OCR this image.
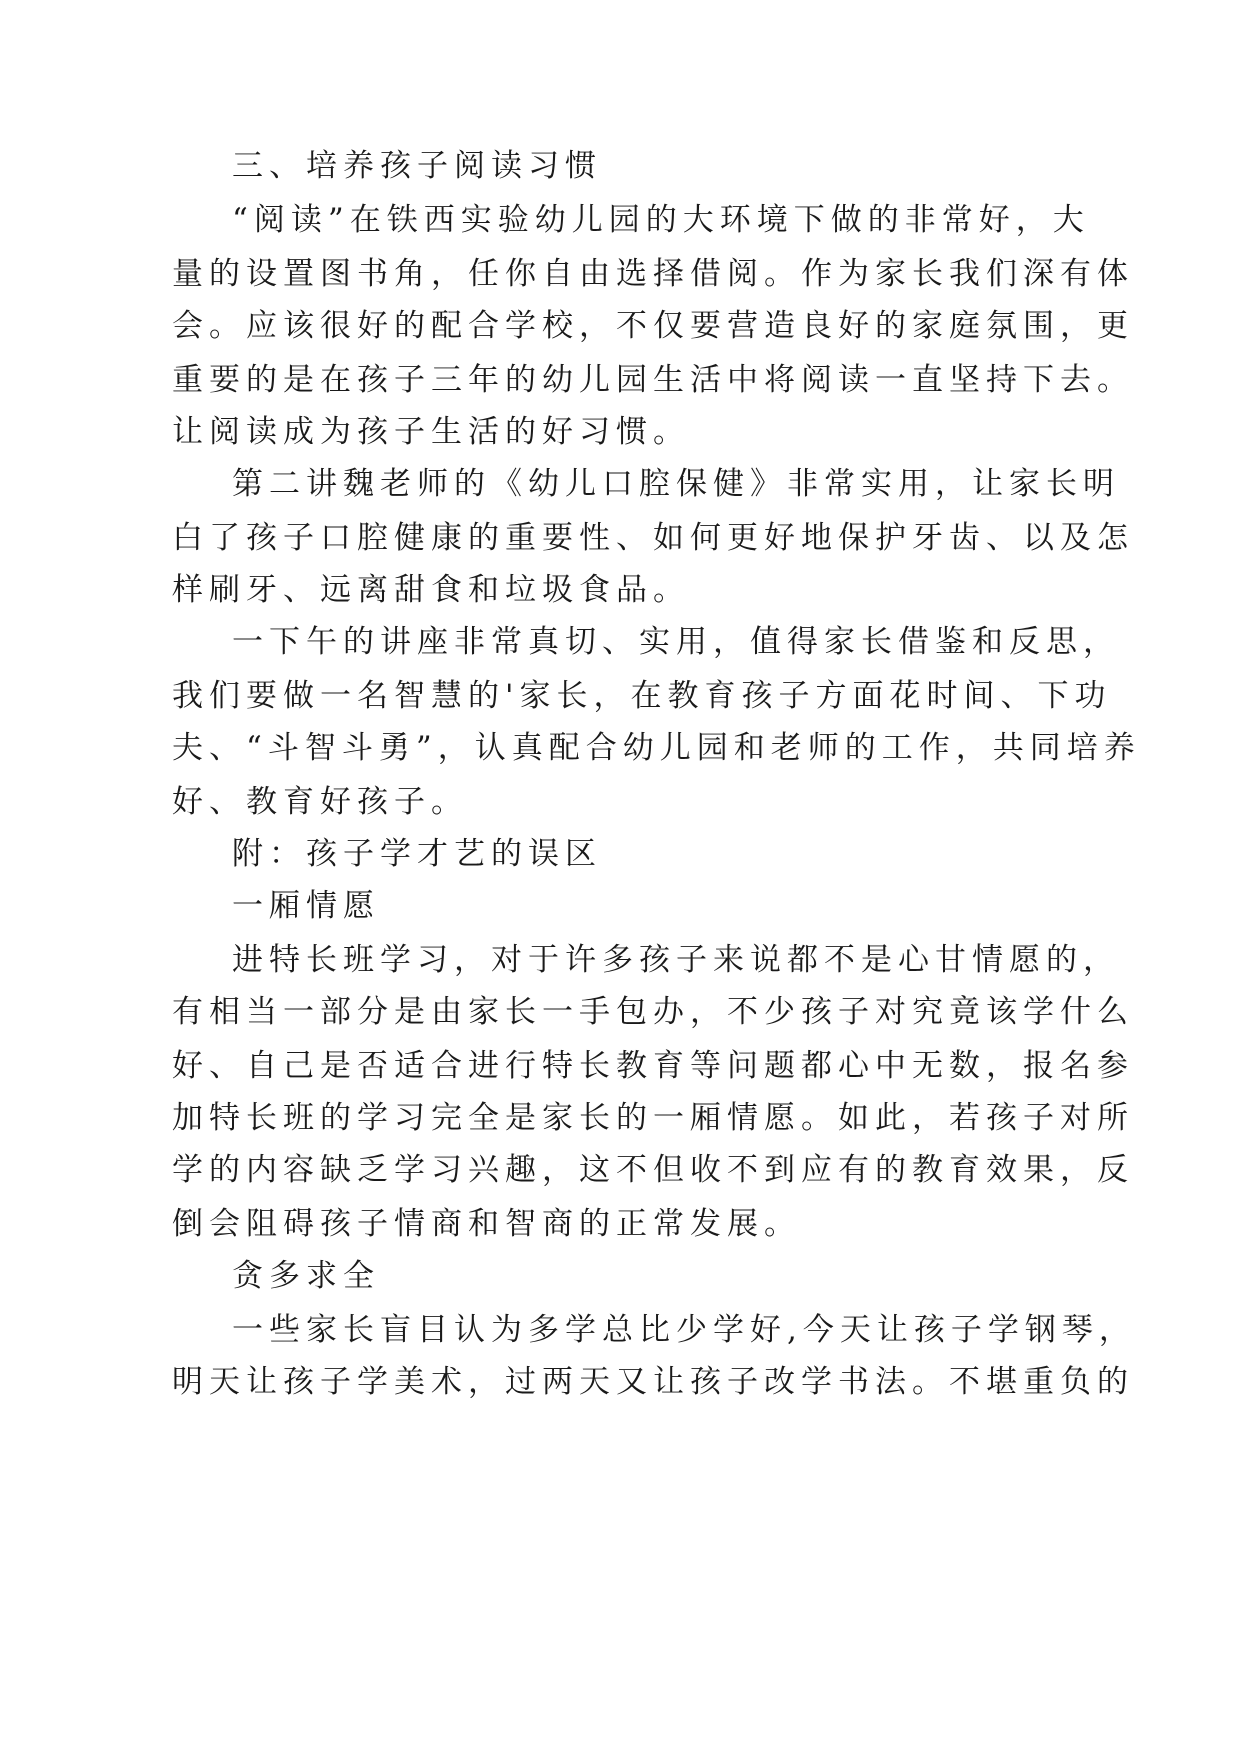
三、培养孩子阅读习惯
“阅读”在铁西实验幼儿园的大环境下做的非常好，大
量的设置图书角，任你自由选择借阅。作为家长我们深有体
会。应该很好的配合学校，不仅要营造良好的家庭氛围，更
重要的是在孩子三年的幼儿园生活中将阅读一直坚持下去。
让阅读成为孩子生活的好习惯。
第二讲魏老师的《幼儿口腔保健》非常实用，让家长明
白了孩子口腔健康的重要性、如何更好地保护牙齿、以及怎
样刷牙、远离甜食和垃圾食品。
一下午的讲座非常真切、实用，值得家长借鉴和反思，
我们要做一名智慧的'家长，在教育孩子方面花时间、下功
夫、“斗智斗勇”，认真配合幼儿园和老师的工作，共同培养
好、教育好孩子。
附：孩子学才艺的误区
一厢情愿
进特长班学习，对于许多孩子来说都不是心甘情愿的，
有相当一部分是由家长一手包办，不少孩子对究竟该学什么
好、自己是否适合进行特长教育等问题都心中无数，报名参
加特长班的学习完全是家长的一厢情愿。如此，若孩子对所
学的内容缺乏学习兴趣，这不但收不到应有的教育效果，反
倒会阻碍孩子情商和智商的正常发展。
贪多求全
一些家长盲目认为多学总比少学好,今天让孩子学钢琴，
明天让孩子学美术，过两天又让孩子改学书法。不堪重负的
